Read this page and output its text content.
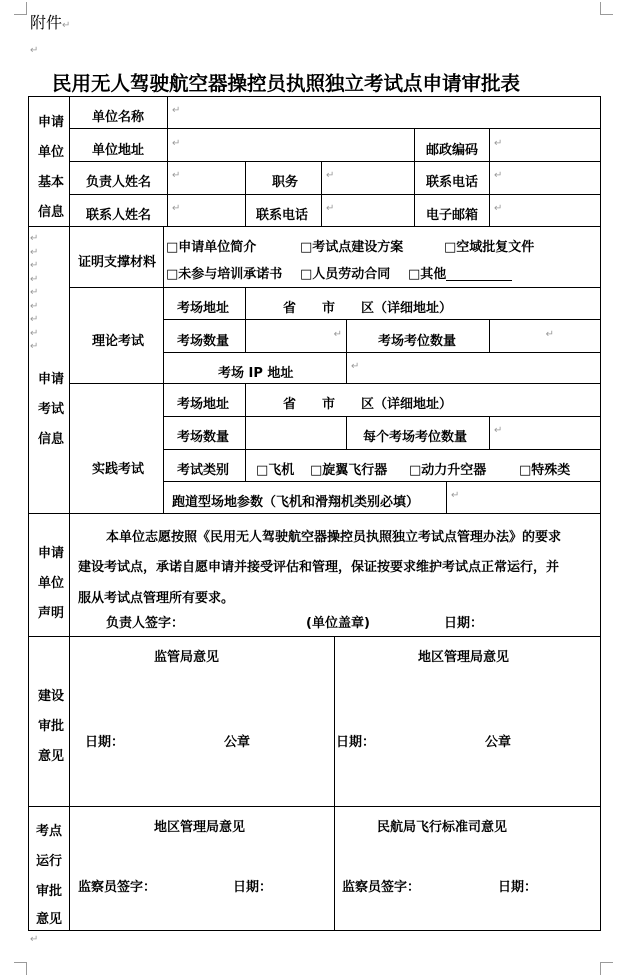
附件↵
↵
民用无人驾驶航空器操控员执照独立考试点申请审批表
申请
单位
基本
信息
单位名称	↵
单位地址	↵	邮政编码 ↵
负责人姓名 ↵	职务	↵	联系电话 ↵
联系人姓名 ↵	联系电话 ↵	电子邮箱 ↵
↵
↵
↵
↵
↵
↵
↵
↵
↵
申请
考试
信息
证明支撑材料
□申请单位简介	□考试点建设方案	□空域批复文件
□未参与培训承诺书 □人员劳动合同 □其他
理论考试
考场地址	省　　市　　区（详细地址）
考场数量	↵	考场考位数量	↵
考场 IP 地址	↵
实践考试
考场地址	省　　市　　区（详细地址）
考场数量	每个考场考位数量	↵
考试类别 □飞机 □旋翼飞行器 □动力升空器	□特殊类
跑道型场地参数（飞机和滑翔机类别必填）	↵
申请
单位
声明
本单位志愿按照《民用无人驾驶航空器操控员执照独立考试点管理办法》的要求
建设考试点，承诺自愿申请并接受评估和管理，保证按要求维护考试点正常运行，并
服从考试点管理所有要求。
负责人签字：	(单位盖章)	日期：
建设
审批
意见
监管局意见
日期：	公章
地区管理局意见
日期：	公章
考点
运行
审批
意见
地区管理局意见
监察员签字：	日期：
民航局飞行标准司意见
监察员签字：	日期：
↵
